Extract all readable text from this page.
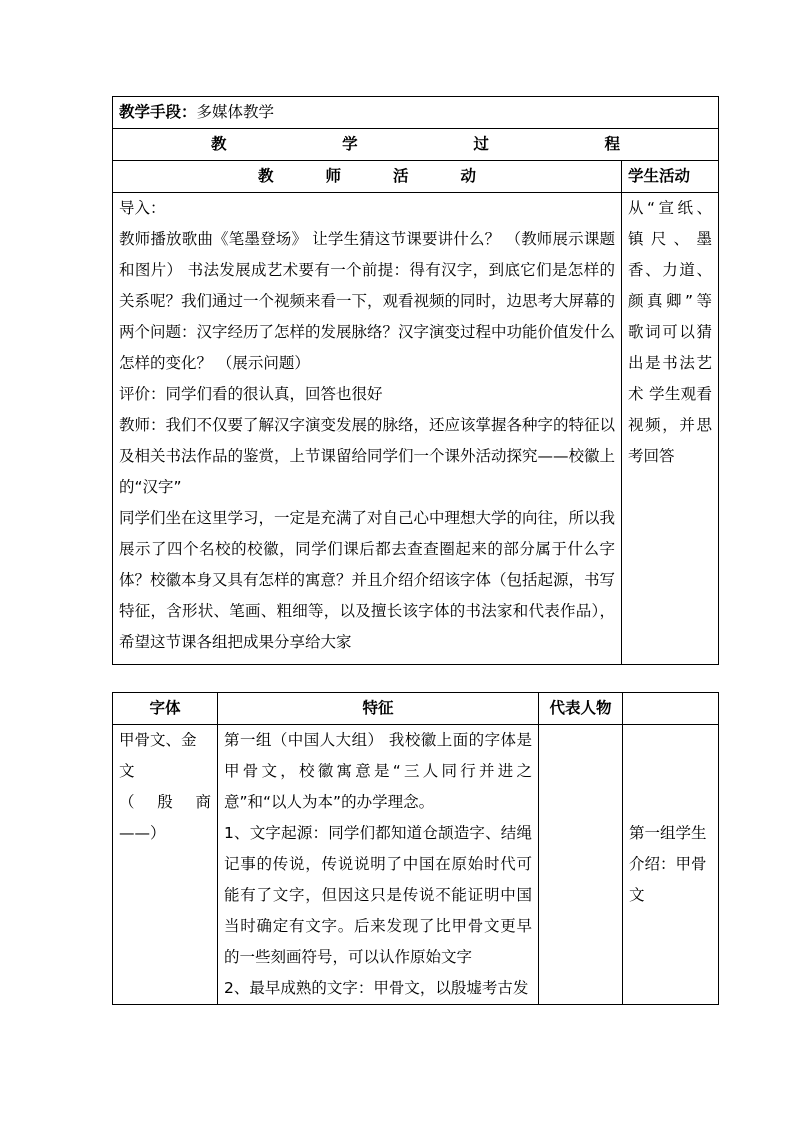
教学手段：多媒体教学	

教 学 过 程	

教 师 活 动	学生活动

导入：
教师播放歌曲《笔墨登场》 让学生猜这节课要讲什么？ （教师展示课题和图片） 书法发展成艺术要有一个前提：得有汉字，到底它们是怎样的关系呢？我们通过一个视频来看一下，观看视频的同时，边思考大屏幕的两个问题：汉字经历了怎样的发展脉络？汉字演变过程中功能价值发什么怎样的变化？ （展示问题）
评价：同学们看的很认真，回答也很好
教师：我们不仅要了解汉字演变发展的脉络，还应该掌握各种字的特征以及相关书法作品的鉴赏，上节课留给同学们一个课外活动探究——校徽上的“汉字”
同学们坐在这里学习，一定是充满了对自己心中理想大学的向往，所以我展示了四个名校的校徽，同学们课后都去查查圈起来的部分属于什么字体？校徽本身又具有怎样的寓意？并且介绍介绍该字体（包括起源，书写特征，含形状、笔画、粗细等，以及擅长该字体的书法家和代表作品），希望这节课各组把成果分享给大家	从“宣纸、镇尺、墨香、力道、颜真卿”等歌词可以猜出是书法艺术 学生观看视频，并思考回答
字体	特征	代表人物	

甲骨文、金文
（ 殷 商
——）	第一组（中国人大组） 我校徽上面的字体是甲骨文，校徽寓意是“三人同行并进之意”和“以人为本”的办学理念。
1、文字起源：同学们都知道仓颉造字、结绳记事的传说，传说说明了中国在原始时代可能有了文字，但因这只是传说不能证明中国当时确定有文字。后来发现了比甲骨文更早的一些刻画符号，可以认作原始文字
2、最早成熟的文字：甲骨文，以殷墟考古发		第一组学生介绍：甲骨文
